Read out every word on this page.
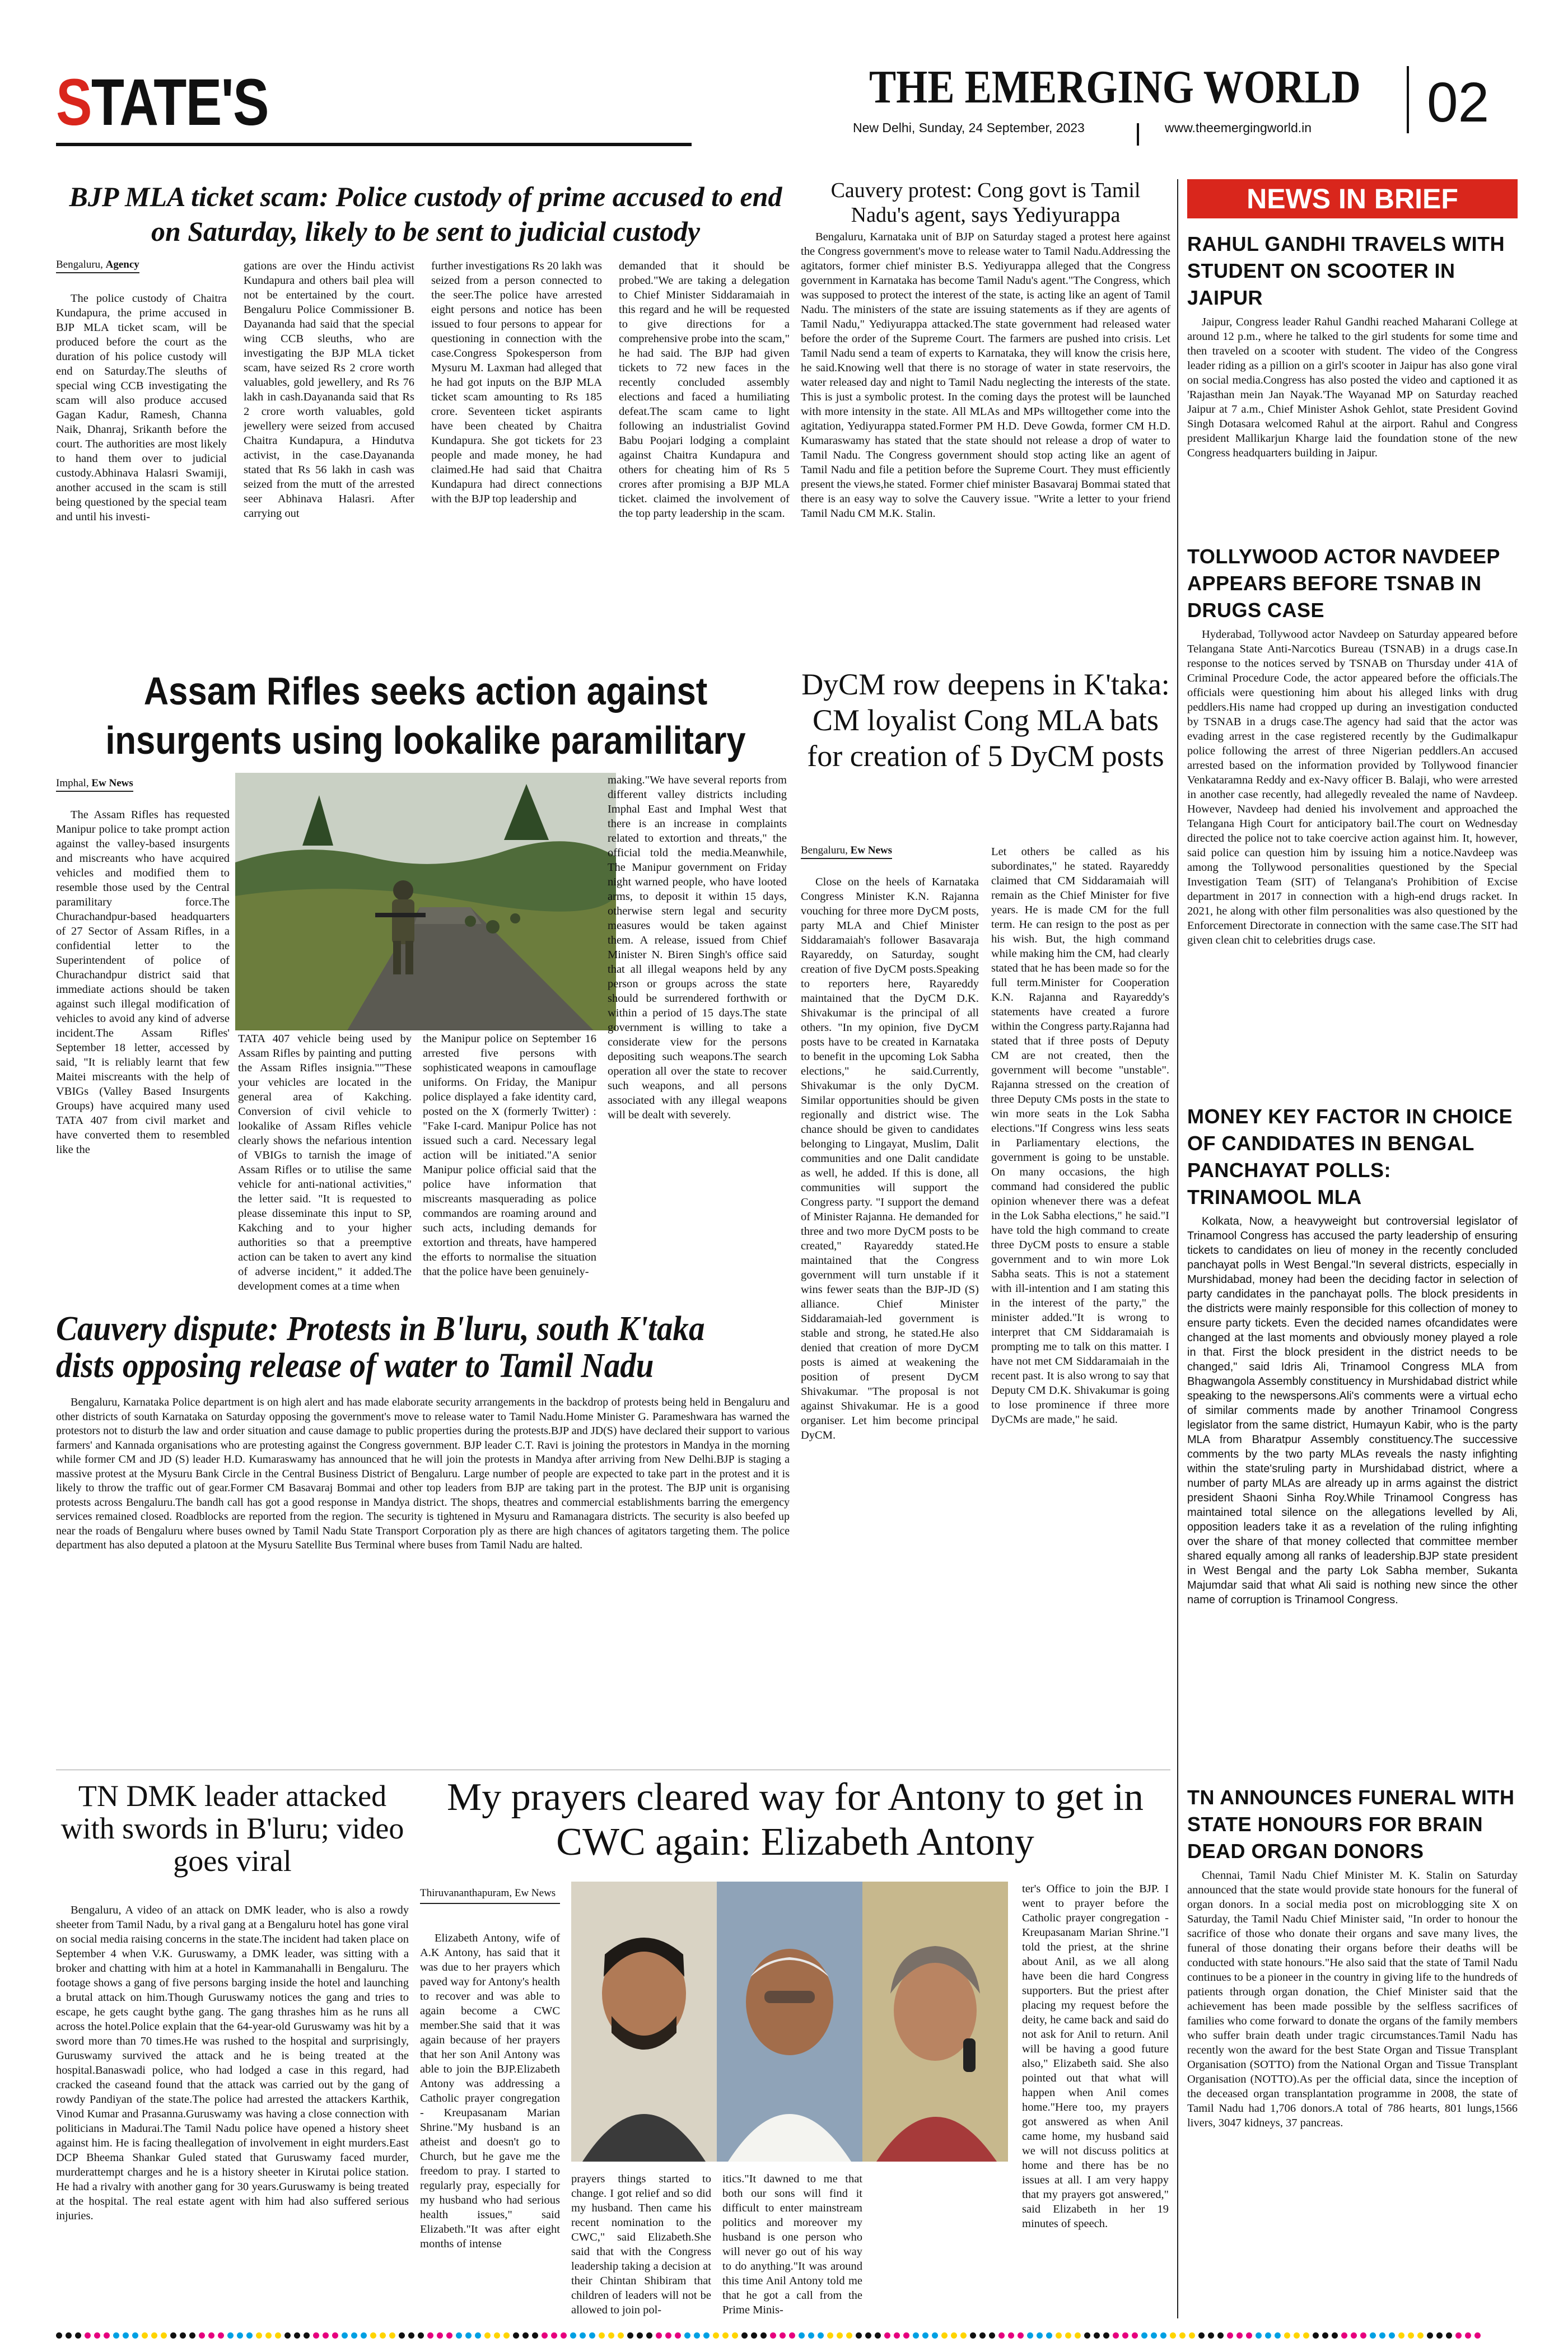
STATE'S	THE EMERGING WORLD
New Delhi, Sunday, 24 September, 2023	www.theemergingworld.in 02
BJP MLA ticket scam: Police custody of prime accused to end on Saturday, likely to be sent to judicial custody
Bengaluru, Agency

The police custody of Chaitra Kundapura, the prime accused in BJP MLA ticket scam, will be produced before the court as the duration of his police custody will end on Saturday.The sleuths of special wing CCB investigating the scam will also produce accused Gagan Kadur, Ramesh, Channa Naik, Dhanraj, Srikanth before the court. The authorities are most likely to hand them over to judicial custody.Abhinava Halasri Swamiji, another accused in the scam is still being questioned by the special team and until his investi-

gations are over the Hindu activist Kundapura and others bail plea will not be entertained by the court. Bengaluru Police Commissioner B. Dayananda had said that the special wing CCB sleuths, who are investigating the BJP MLA ticket scam, have seized Rs 2 crore worth valuables, gold jewellery, and Rs 76 lakh in cash.Dayananda said that Rs 2 crore worth valuables, gold jewellery were seized from accused Chaitra Kundapura, a Hindutva activist, in the case.Dayananda stated that Rs 56 lakh in cash was seized from the mutt of the arrested seer Abhinava Halasri. After carrying out

further investigations Rs 20 lakh was seized from a person connected to the seer.The police have arrested eight persons and notice has been issued to four persons to appear for questioning in connection with the case.Congress Spokesperson from Mysuru M. Laxman had alleged that he had got inputs on the BJP MLA ticket scam amounting to Rs 185 crore. Seventeen ticket aspirants have been cheated by Chaitra Kundapura. She got tickets for 23 people and made money, he had claimed.He had said that Chaitra Kundapura had direct connections with the BJP top leadership and

demanded that it should be probed."We are taking a delegation to Chief Minister Siddaramaiah in this regard and he will be requested to give directions for a comprehensive probe into the scam," he had said. The BJP had given tickets to 72 new faces in the recently concluded assembly elections and faced a humiliating defeat.The scam came to light following an industrialist Govind Babu Poojari lodging a complaint against Chaitra Kundapura and others for cheating him of Rs 5 crores after promising a BJP MLA ticket. claimed the involvement of the top party leadership in the scam.

Cauvery protest: Cong govt is Tamil Nadu's agent, says Yediyurappa

Bengaluru, Karnataka unit of BJP on Saturday staged a protest here against the Congress government's move to release water to Tamil Nadu.Addressing the agitators, former chief minister B.S. Yediyurappa alleged that the Congress government in Karnataka has become Tamil Nadu's agent."The Congress, which was supposed to protect the interest of the state, is acting like an agent of Tamil Nadu. The ministers of the state are issuing statements as if they are agents of Tamil Nadu," Yediyurappa attacked.The state government had released water before the order of the Supreme Court. The farmers are pushed into crisis. Let Tamil Nadu send a team of experts to Karnataka, they will know the crisis here, he said.Knowing well that there is no storage of water in state reservoirs, the water released day and night to Tamil Nadu neglecting the interests of the state. This is just a symbolic protest. In the coming days the protest will be launched with more intensity in the state. All MLAs and MPs willtogether come into the agitation, Yediyurappa stated.Former PM H.D. Deve Gowda, former CM H.D. Kumaraswamy has stated that the state should not release a drop of water to Tamil Nadu. The Congress government should stop acting like an agent of Tamil Nadu and file a petition before the Supreme Court. They must efficiently present the views,he stated. Former chief minister Basavaraj Bommai stated that there is an easy way to solve the Cauvery issue. "Write a letter to your friend Tamil Nadu CM M.K. Stalin.

NEWS IN BRIEF
RAHUL GANDHI TRAVELS WITH STUDENT ON SCOOTER IN JAIPUR

Jaipur, Congress leader Rahul Gandhi reached Maharani College at around 12 p.m., where he talked to the girl students for some time and then traveled on a scooter with student. The video of the Congress leader riding as a pillion on a girl's scooter in Jaipur has also gone viral on social media.Congress has also posted the video and captioned it as 'Rajasthan mein Jan Nayak.'The Wayanad MP on Saturday reached Jaipur at 7 a.m., Chief Minister Ashok Gehlot, state President Govind Singh Dotasara welcomed Rahul at the airport. Rahul and Congress president Mallikarjun Kharge laid the foundation stone of the new Congress headquarters building in Jaipur.

TOLLYWOOD ACTOR NAVDEEP APPEARS BEFORE TSNAB IN DRUGS CASE

Hyderabad, Tollywood actor Navdeep on Saturday appeared before Telangana State Anti-Narcotics Bureau (TSNAB) in a drugs case.In response to the notices served by TSNAB on Thursday under 41A of Criminal Procedure Code, the actor appeared before the officials.The officials were questioning him about his alleged links with drug peddlers.His name had cropped up during an investigation conducted by TSNAB in a drugs case.The agency had said that the actor was evading arrest in the case registered recently by the Gudimalkapur police following the arrest of three Nigerian peddlers.An accused arrested based on the information provided by Tollywood financier Venkataramna Reddy and ex-Navy officer B. Balaji, who were arrested in another case recently, had allegedly revealed the name of Navdeep. However, Navdeep had denied his involvement and approached the Telangana High Court for anticipatory bail.The court on Wednesday directed the police not to take coercive action against him. It, however, said police can question him by issuing him a notice.Navdeep was among the Tollywood personalities questioned by the Special Investigation Team (SIT) of Telangana's Prohibition of Excise department in 2017 in connection with a high-end drugs racket. In 2021, he along with other film personalities was also questioned by the Enforcement Directorate in connection with the same case.The SIT had given clean chit to celebrities drugs case.

MONEY KEY FACTOR IN CHOICE OF CANDIDATES IN BENGAL PANCHAYAT POLLS: TRINAMOOL MLA

Kolkata, Now, a heavyweight but controversial legislator of Trinamool Congress has accused the party leadership of ensuring tickets to candidates on lieu of money in the recently concluded panchayat polls in West Bengal."In several districts, especially in Murshidabad, money had been the deciding factor in selection of party candidates in the panchayat polls. The block presidents in the districts were mainly responsible for this collection of money to ensure party tickets. Even the decided names ofcandidates were changed at the last moments and obviously money played a role in that. First the block president in the district needs to be changed," said Idris Ali, Trinamool Congress MLA from Bhagwangola Assembly constituency in Murshidabad district while speaking to the newspersons.Ali's comments were a virtual echo of similar comments made by another Trinamool Congress legislator from the same district, Humayun Kabir, who is the party MLA from Bharatpur Assembly constituency.The successive comments by the two party MLAs reveals the nasty infighting within the state'sruling party in Murshidabad district, where a number of party MLAs are already up in arms against the district president Shaoni Sinha Roy.While Trinamool Congress has maintained total silence on the allegations levelled by Ali, opposition leaders take it as a revelation of the ruling infighting over the share of that money collected that committee member shared equally among all ranks of leadership.BJP state president in West Bengal and the party Lok Sabha member, Sukanta Majumdar said that what Ali said is nothing new since the other name of corruption is Trinamool Congress.

TN ANNOUNCES FUNERAL WITH STATE HONOURS FOR BRAIN DEAD ORGAN DONORS

Chennai, Tamil Nadu Chief Minister M. K. Stalin on Saturday announced that the state would provide state honours for the funeral of organ donors. In a social media post on microblogging site X on Saturday, the Tamil Nadu Chief Minister said, "In order to honour the sacrifice of those who donate their organs and save many lives, the funeral of those donating their organs before their deaths will be conducted with state honours."He also said that the state of Tamil Nadu continues to be a pioneer in the country in giving life to the hundreds of patients through organ donation, the Chief Minister said that the achievement has been made possible by the selfless sacrifices of families who come forward to donate the organs of the family members who suffer brain death under tragic circumstances.Tamil Nadu has recently won the award for the best State Organ and Tissue Transplant Organisation (SOTTO) from the National Organ and Tissue Transplant Organisation (NOTTO).As per the official data, since the inception of the deceased organ transplantation programme in 2008, the state of Tamil Nadu had 1,706 donors.A total of 786 hearts, 801 lungs,1566 livers, 3047 kidneys, 37 pancreas.

Assam Rifles seeks action against insurgents using lookalike paramilitary
Imphal, Ew News

The Assam Rifles has requested Manipur police to take prompt action against the valley-based insurgents and miscreants who have acquired vehicles and modified them to resemble those used by the Central paramilitary force.The Churachandpur-based headquarters of 27 Sector of Assam Rifles, in a confidential letter to the Superintendent of police of Churachandpur district said that immediate actions should be taken against such illegal modification of vehicles to avoid any kind of adverse incident.The Assam Rifles' September 18 letter, accessed by said, "It is reliably learnt that few Maitei miscreants with the help of VBIGs (Valley Based Insurgents Groups) have acquired many used TATA 407 from civil market and have converted them to resembled like the

TATA 407 vehicle being used by Assam Rifles by painting and putting the Assam Rifles insignia.""These your vehicles are located in the general area of Kakching. Conversion of civil vehicle to lookalike of Assam Rifles vehicle clearly shows the nefarious intention of VBIGs to tarnish the image of Assam Rifles or to utilise the same vehicle for anti-national activities," the letter said. "It is requested to please disseminate this input to SP, Kakching and to your higher authorities so that a preemptive action can be taken to avert any kind of adverse incident," it added.The development comes at a time when

the Manipur police on September 16 arrested five persons with sophisticated weapons in camouflage uniforms. On Friday, the Manipur police displayed a fake identity card, posted on the X (formerly Twitter) : "Fake I-card. Manipur Police has not issued such a card. Necessary legal action will be initiated."A senior Manipur police official said that the police have information that miscreants masquerading as police commandos are roaming around and such acts, including demands for extortion and threats, have hampered the efforts to normalise the situation that the police have been genuinely-

making."We have several reports from different valley districts including Imphal East and Imphal West that there is an increase in complaints related to extortion and threats," the official told the media.Meanwhile, The Manipur government on Friday night warned people, who have looted arms, to deposit it within 15 days, otherwise stern legal and security measures would be taken against them. A release, issued from Chief Minister N. Biren Singh's office said that all illegal weapons held by any person or groups across the state should be surrendered forthwith or within a period of 15 days.The state government is willing to take a considerate view for the persons depositing such weapons.The search operation all over the state to recover such weapons, and all persons associated with any illegal weapons will be dealt with severely.

DyCM row deepens in K'taka: CM loyalist Cong MLA bats for creation of 5 DyCM posts
Bengaluru, Ew News

Close on the heels of Karnataka Congress Minister K.N. Rajanna vouching for three more DyCM posts, party MLA and Chief Minister Siddaramaiah's follower Basavaraja Rayareddy, on Saturday, sought creation of five DyCM posts.Speaking to reporters here, Rayareddy maintained that the DyCM D.K. Shivakumar is the principal of all others. "In my opinion, five DyCM posts have to be created in Karnataka to benefit in the upcoming Lok Sabha elections," he said.Currently, Shivakumar is the only DyCM. Similar opportunities should be given regionally and district wise. The chance should be given to candidates belonging to Lingayat, Muslim, Dalit communities and one Dalit candidate as well, he added. If this is done, all communities will support the Congress party. "I support the demand of Minister Rajanna. He demanded for three and two more DyCM posts to be created," Rayareddy stated.He maintained that the Congress government will turn unstable if it wins fewer seats than the BJP-JD (S) alliance. Chief Minister Siddaramaiah-led government is stable and strong, he stated.He also denied that creation of more DyCM posts is aimed at weakening the position of present DyCM Shivakumar. "The proposal is not against Shivakumar. He is a good organiser. Let him become principal DyCM.

Let others be called as his subordinates," he stated. Rayareddy claimed that CM Siddaramaiah will remain as the Chief Minister for five years. He is made CM for the full term. He can resign to the post as per his wish. But, the high command while making him the CM, had clearly stated that he has been made so for the full term.Minister for Cooperation K.N. Rajanna and Rayareddy's statements have created a furore within the Congress party.Rajanna had stated that if three posts of Deputy CM are not created, then the government will become "unstable". Rajanna stressed on the creation of three Deputy CMs posts in the state to win more seats in the Lok Sabha elections."If Congress wins less seats in Parliamentary elections, the government is going to be unstable. On many occasions, the high command had considered the public opinion whenever there was a defeat in the Lok Sabha elections," he said."I have told the high command to create three DyCM posts to ensure a stable government and to win more Lok Sabha seats. This is not a statement with ill-intention and I am stating this in the interest of the party," the minister added."It is wrong to interpret that CM Siddaramaiah is prompting me to talk on this matter. I have not met CM Siddaramaiah in the recent past. It is also wrong to say that Deputy CM D.K. Shivakumar is going to lose prominence if three more DyCMs are made," he said.

Cauvery dispute: Protests in B'luru, south K'taka dists opposing release of water to Tamil Nadu

Bengaluru, Karnataka Police department is on high alert and has made elaborate security arrangements in the backdrop of protests being held in Bengaluru and other districts of south Karnataka on Saturday opposing the government's move to release water to Tamil Nadu.Home Minister G. Parameshwara has warned the protestors not to disturb the law and order situation and cause damage to public properties during the protests.BJP and JD(S) have declared their support to various farmers' and Kannada organisations who are protesting against the Congress government. BJP leader C.T. Ravi is joining the protestors in Mandya in the morning while former CM and JD (S) leader H.D. Kumaraswamy has announced that he will join the protests in Mandya after arriving from New Delhi.BJP is staging a massive protest at the Mysuru Bank Circle in the Central Business District of Bengaluru. Large number of people are expected to take part in the protest and it is likely to throw the traffic out of gear.Former CM Basavaraj Bommai and other top leaders from BJP are taking part in the protest. The BJP unit is organising protests across Bengaluru.The bandh call has got a good response in Mandya district. The shops, theatres and commercial establishments barring the emergency services remained closed. Roadblocks are reported from the region. The security is tightened in Mysuru and Ramanagara districts. The security is also beefed up near the roads of Bengaluru where buses owned by Tamil Nadu State Transport Corporation ply as there are high chances of agitators targeting them. The police department has also deputed a platoon at the Mysuru Satellite Bus Terminal where buses from Tamil Nadu are halted.

TN DMK leader attacked with swords in B'luru; video goes viral

Bengaluru, A video of an attack on DMK leader, who is also a rowdy sheeter from Tamil Nadu, by a rival gang at a Bengaluru hotel has gone viral on social media raising concerns in the state.The incident had taken place on September 4 when V.K. Guruswamy, a DMK leader, was sitting with a broker and chatting with him at a hotel in Kammanahalli in Bengaluru. The footage shows a gang of five persons barging inside the hotel and launching a brutal attack on him.Though Guruswamy notices the gang and tries to escape, he gets caught bythe gang. The gang thrashes him as he runs all across the hotel.Police explain that the 64-year-old Guruswamy was hit by a sword more than 70 times.He was rushed to the hospital and surprisingly, Guruswamy survived the attack and he is being treated at the hospital.Banaswadi police, who had lodged a case in this regard, had cracked the caseand found that the attack was carried out by the gang of rowdy Pandiyan of the state.The police had arrested the attackers Karthik, Vinod Kumar and Prasanna.Guruswamy was having a close connection with politicians in Madurai.The Tamil Nadu police have opened a history sheet against him. He is facing theallegation of involvement in eight murders.East DCP Bheema Shankar Guled stated that Guruswamy faced murder, murderattempt charges and he is a history sheeter in Kirutai police station. He had a rivalry with another gang for 30 years.Guruswamy is being treated at the hospital. The real estate agent with him had also suffered serious injuries.

My prayers cleared way for Antony to get in CWC again: Elizabeth Antony
Thiruvananthapuram, Ew News

Elizabeth Antony, wife of A.K Antony, has said that it was due to her prayers which paved way for Antony's health to recover and was able to again become a CWC member.She said that it was again because of her prayers that her son Anil Antony was able to join the BJP.Elizabeth Antony was addressing a Catholic prayer congregation - Kreupasanam Marian Shrine."My husband is an atheist and doesn't go to Church, but he gave me the freedom to pray. I started to regularly pray, especially for my husband who had serious health issues," said Elizabeth."It was after eight months of intense

prayers things started to change. I got relief and so did my husband. Then came his recent nomination to the CWC," said Elizabeth.She said that with the Congress leadership taking a decision at their Chintan Shibiram that children of leaders will not be allowed to join pol-

itics."It dawned to me that both our sons will find it difficult to enter mainstream politics and moreover my husband is one person who will never go out of his way to do anything."It was around this time Anil Antony told me that he got a call from the Prime Minis-

ter's Office to join the BJP. I went to prayer before the Catholic prayer congregation - Kreupasanam Marian Shrine."I told the priest, at the shrine about Anil, as we all along have been die hard Congress supporters. But the priest after placing my request before the deity, he came back and said do not ask for Anil to return. Anil will be having a good future also," Elizabeth said. She also pointed out that what will happen when Anil comes home."Here too, my prayers got answered as when Anil came home, my husband said we will not discuss politics at home and there has be no issues at all. I am very happy that my prayers got answered," said Elizabeth in her 19 minutes of speech.
